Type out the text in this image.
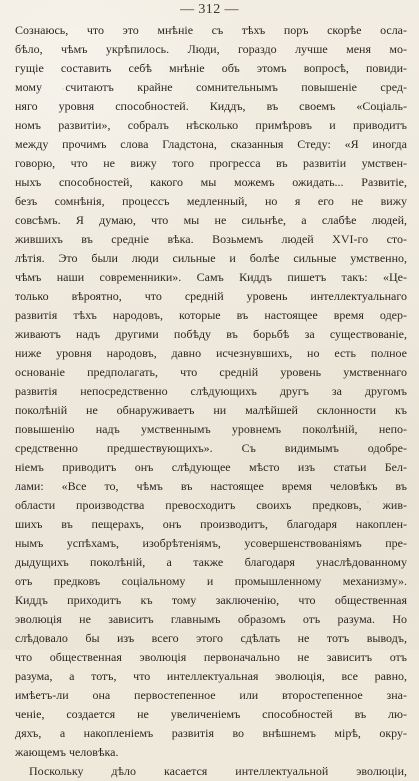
— 312 —
Сознаюсь, что это мнѣніе съ тѣхъ поръ скорѣе осла-
бѣло, чѣмъ укрѣпилось. Люди, гораздо лучше меня мо-
гущіе составить себѣ мнѣніе объ этомъ вопросѣ, повиди-
мому считаютъ крайне сомнительнымъ повышеніе сред-
няго уровня способностей. Киддъ, въ своемъ «Соціаль-
номъ развитіи», собралъ нѣсколько примѣровъ и приводитъ
между прочимъ слова Гладстона, сказанныя Стеду: «Я иногда
говорю, что не вижу того прогресса въ развитіи умствен-
ныхъ способностей, какого мы можемъ ожидать... Развитіе,
безъ сомнѣнія, процессъ медленный, но я его не вижу
совсѣмъ. Я думаю, что мы не сильнѣе, а слабѣе людей,
жившихъ въ средніе вѣка. Возьмемъ людей XVI-го сто-
лѣтія. Это были люди сильные и болѣе сильные умственно,
чѣмъ наши современники». Самъ Киддъ пишетъ такъ: «Це-
только вѣроятно, что средній уровень интеллектуальнаго
развитія тѣхъ народовъ, которые въ настоящее время одер-
живаютъ надъ другими побѣду въ борьбѣ за существованіе,
ниже уровня народовъ, давно исчезнувшихъ, но есть полное
основаніе предполагать, что средній уровень умственнаго
развитія непосредственно слѣдующихъ другъ за другомъ
поколѣній не обнаруживаетъ ни малѣйшей склонности къ
повышенію надъ умственнымъ уровнемъ поколѣній, непо-
средственно предшествующихъ». Съ видимымъ одобре-
ніемъ приводитъ онъ слѣдующее мѣсто изъ статьи Бел-
лами: «Все то, чѣмъ въ настоящее время человѣкъ въ
области производства превосходитъ своихъ предковъ, жив-
шихъ въ пещерахъ, онъ производитъ, благодаря накоплен-
нымъ успѣхамъ, изобрѣтеніямъ, усовершенствованіямъ пре-
дыдущихъ поколѣній, а также благодаря унаслѣдованному
отъ предковъ соціальному и промышленному механизму».
Киддъ приходитъ къ тому заключенію, что общественная
эволюція не зависитъ главнымъ образомъ отъ разума. Но
слѣдовало бы изъ всего этого сдѣлать не тотъ выводъ,
что общественная эволюція первоначально не зависитъ отъ
разума, а тотъ, что интеллектуальная эволюція, все равно,
имѣетъ-ли она первостепенное или второстепенное зна-
ченіе, создается не увеличеніемъ способностей въ лю-
дяхъ, а накопленіемъ развитія во внѣшнемъ мірѣ, окру-
жающемъ человѣка.
Поскольку дѣло касается интеллектуальной эволюціи,
